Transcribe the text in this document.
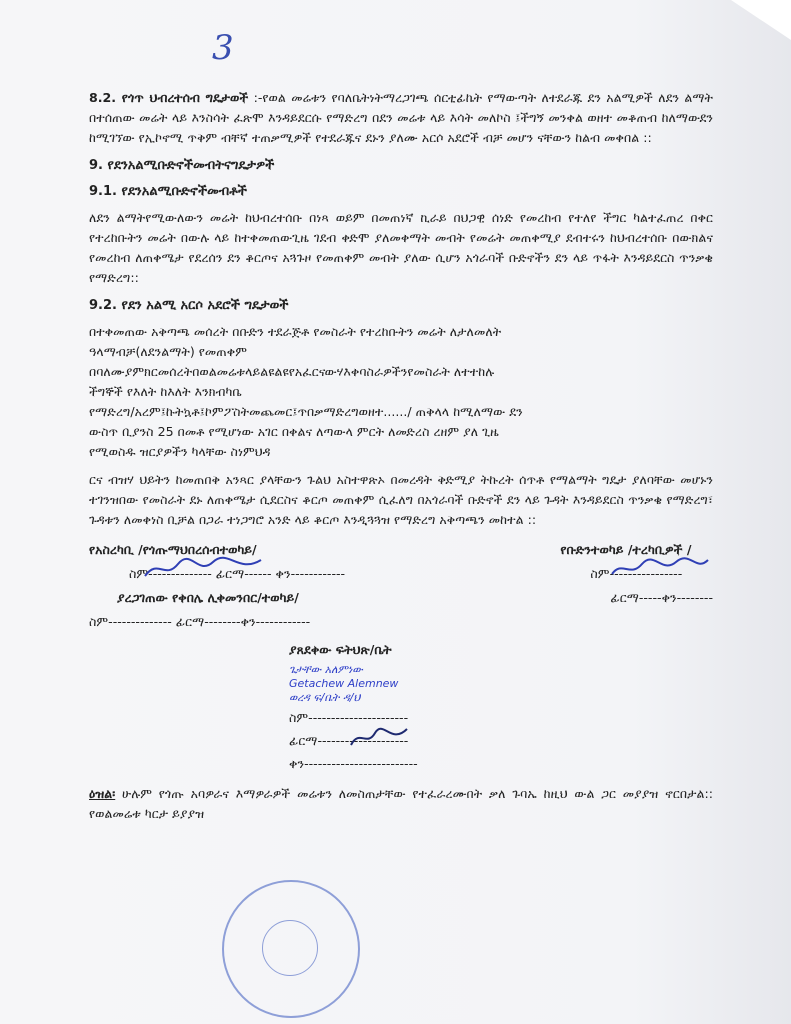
3
8.2. የጎጥ ህብረተሰብ ግዴታወች :-የወል መሬቱን የባለቤትነትማረጋገጫ ሰርቲፊኬት የማውጣት ለተደራጁ ደን አልሚዎች ለደን ልማት በተሰጠው መሬት ላይ እንስሳት ፈጽሞ እንዳይደርሱ የማድረግ በደን መሬቱ ላይ እሳት መለኮስ ፤ችግኝ መንቀል ወዘተ መቆጠብ ከለማውደን ከሚገኘው የኢኮኖሚ ጥቅም ብቸኛ ተጠቃሚዎች የተደራጁና ደኑን ያለሙ አርሶ አደሮች ብቻ መሆን ናቸውን ከልብ መቀበል ::
9. የደንአልሚቡድኖችመብትናግዴታዎች
9.1. የደንአልሚቡድኖችመብቶች
ለደን ልማትየሚውለውን መሬት ከህብረተሰቡ በነጻ ወይም በመጠነኛ ኪራይ በህጋዊ ሰነድ የመረከብ የተለየ ችግር ካልተፈጠረ በቀር የተረከቡትን መሬት በውሉ ላይ ከተቀመጠውጊዜ ገደብ ቀድሞ ያለመቀማት መብት የመሬት መጠቀሚያ ደብተሩን ከህብረተሰቡ በውክልና የመረከብ ለጠቀሜታ የደረሰን ደን ቆርጦና አጓጉዞ የመጠቀም መብት ያለው ሲሆን አጎራባች ቡድኖችን ደን ላይ ጥፋት እንዳይደርስ ጥንቃቄ የማድረግ::
9.2. የደን አልሚ አርሶ አደሮች ግዴታወች
በተቀመጠው አቅጣጫ መሰረት በቡድን ተደራጅቶ የመስራት የተረከቡትን መሬት ለታለመለት
ዓላማብቻ(ለደንልማት) የመጠቀም
በባለሙያምክርመሰረትበወልመሬቱላይልዩልዩየአፈርናውሃእቀባስራዎችንየመስራት ለተተከሉ
ችግኞች የእለት ከእለት እንክብካቤ
የማድረግ/አረም፤ኩትኳቶ፤ኮምፖስትመጨመር፤ጥበቃማድረግወዘተ....../ ጠቅላላ ከሚለማው ደን
ውስጥ ቢያንስ 25 በመቶ የሚሆነው አገር በቀልና ለጣውላ ምርት ለመድረስ ረዘም ያለ ጊዜ
የሚወስዱ ዝርያዎችን ካላቸው ስነምህዳ
ርና ብዝሃ ህይትን ከመጠበቅ አንጻር ያላቸውን ጉልህ አስተዋጽኦ በመረዳት ቅድሚያ ትኩረት ሰጥቶ የማልማት ግዴታ ያለባቸው መሆኑን ተገንዝበው የመስራት ደኑ ለጠቀሜታ ሲደርስና ቆርጦ መጠቀም ሲፈለግ በአጎራባች ቡድኖች ደን ላይ ጉዳት እንዳይደርስ ጥንቃቄ የማድረግ፣ ጉዳቱን ለመቀነስ ቢቻል በጋራ ተነጋግሮ አንድ ላይ ቆርጦ እንዲጓጓዝ የማድረግ አቅጣጫን መከተል ::
የአስረካቢ /የጎጡማህበረሰብተወካይ/
ስም-------------- ፊርማ------ ቀን------------
ያረጋገጠው የቀበሌ ሊቀመንበር/ተወካይ/
ስም-------------- ፊርማ--------ቀን------------
የቡድንተወካይ /ተረካቢዎች /
ስም----------------
ፊርማ-----ቀን--------
ያጸደቀው ፍትህጽ/ቤት
ጌታቸው አለምነው
Getachew Alemnew
ወረዳ ፍ/ቤት ዳ/ህ
ስም----------------------
ፊርማ--------------------
ቀን-------------------------
ዕዝል፡ ሁሉም የጎጡ አባዎራና እማዎራዎች መሬቱን ለመስጠታቸው የተፈራረሙበት ቃለ ጉባኤ ከዚህ ውል ጋር መያያዝ ኖርበታል:: የወልመሬቱ ካርታ ይያያዝ
